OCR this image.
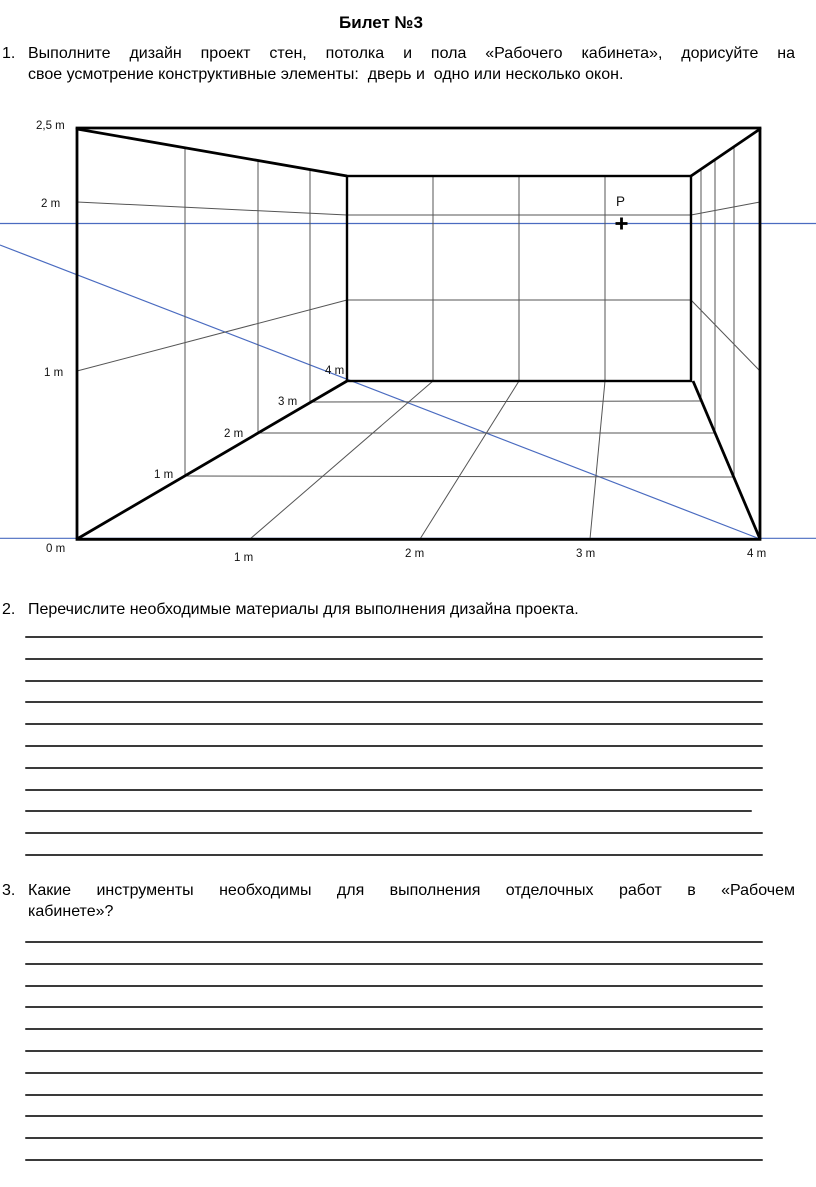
Билет №3
1. Выполните дизайн проект стен, потолка и пола «Рабочего кабинета», дорисуйте на
свое усмотрение конструктивные элементы:  дверь и  одно или несколько окон.
P
2,5 m
2 m
1 m
0 m
1 m	2 m	3 m	4 m
1 m
2 m
3 m
4 m
2. Перечислите необходимые материалы для выполнения дизайна проекта.
3. Какие инструменты необходимы для выполнения отделочных работ в «Рабочем
кабинете»?
